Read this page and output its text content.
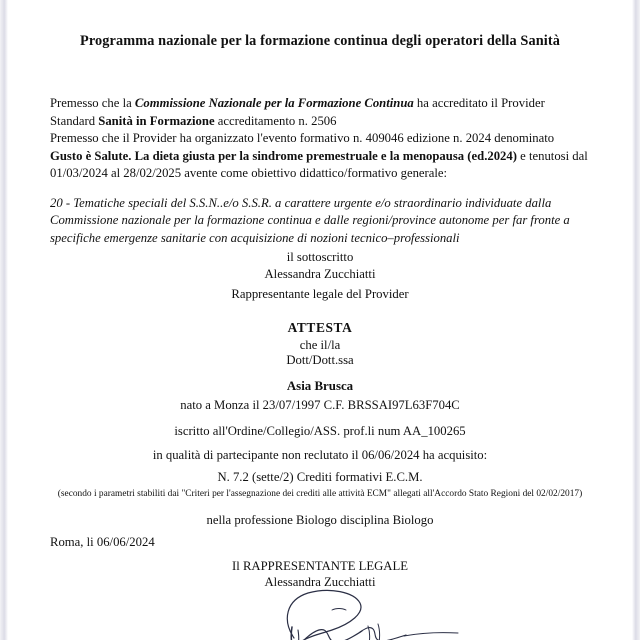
Programma nazionale per la formazione continua degli operatori della Sanità
Premesso che la Commissione Nazionale per la Formazione Continua ha accreditato il Provider Standard Sanità in Formazione accreditamento n. 2506
Premesso che il Provider ha organizzato l'evento formativo n. 409046 edizione n. 2024 denominato
Gusto è Salute. La dieta giusta per la sindrome premestruale e la menopausa (ed.2024) e tenutosi dal 01/03/2024 al 28/02/2025 avente come obiettivo didattico/formativo generale:
20 - Tematiche speciali del S.S.N..e/o S.S.R. a carattere urgente e/o straordinario individuate dalla Commissione nazionale per la formazione continua e dalle regioni/province autonome per far fronte a specifiche emergenze sanitarie con acquisizione di nozioni tecnico–professionali
il sottoscritto
Alessandra Zucchiatti
Rappresentante legale del Provider
ATTESTA
che il/la
Dott/Dott.ssa
Asia Brusca
nato a Monza il 23/07/1997 C.F. BRSSAI97L63F704C
iscritto all'Ordine/Collegio/ASS. prof.li num AA_100265
in qualità di partecipante non reclutato il 06/06/2024 ha acquisito:
N. 7.2 (sette/2) Crediti formativi E.C.M.
(secondo i parametri stabiliti dai "Criteri per l'assegnazione dei crediti alle attività ECM" allegati all'Accordo Stato Regioni del 02/02/2017)
nella professione Biologo disciplina Biologo
Roma, li 06/06/2024
Il RAPPRESENTANTE LEGALE
Alessandra Zucchiatti
